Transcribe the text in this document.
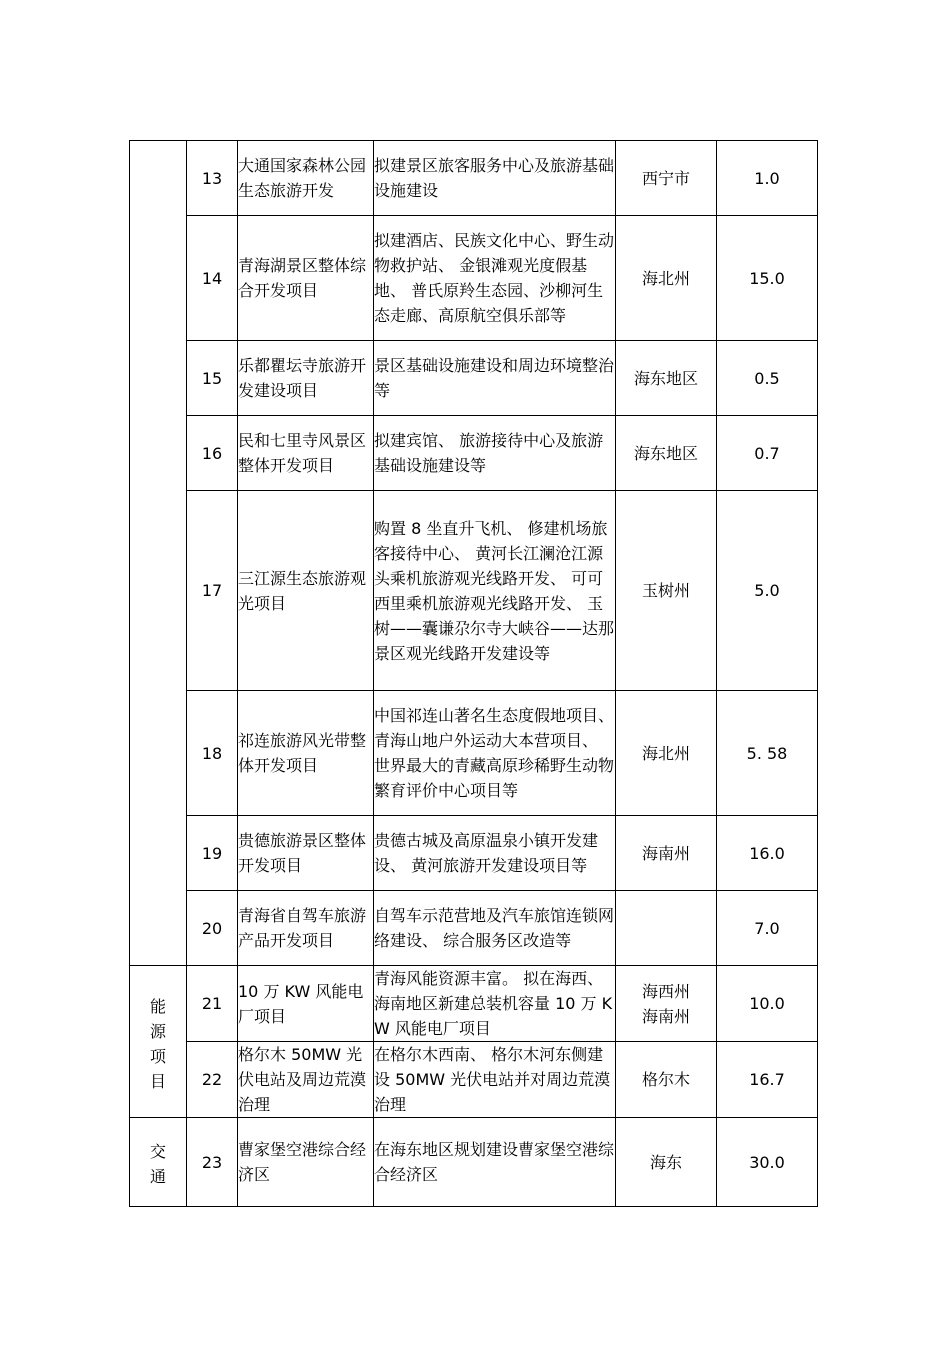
	13	大通国家森林公园生态旅游开发	拟建景区旅客服务中心及旅游基础设施建设	西宁市	1.0
	14	青海湖景区整体综合开发项目	拟建酒店、民族文化中心、野生动物救护站、 金银滩观光度假基地、 普氏原羚生态园、沙柳河生态走廊、高原航空俱乐部等	海北州	15.0
	15	乐都瞿坛寺旅游开发建设项目	景区基础设施建设和周边环境整治等	海东地区	0.5
	16	民和七里寺风景区整体开发项目	拟建宾馆、 旅游接待中心及旅游基础设施建设等	海东地区	0.7
	17	三江源生态旅游观光项目	购置 8 坐直升飞机、 修建机场旅客接待中心、 黄河长江澜沧江源头乘机旅游观光线路开发、 可可西里乘机旅游观光线路开发、 玉树——囊谦尕尔寺大峡谷——达那景区观光线路开发建设等	玉树州	5.0
	18	祁连旅游风光带整体开发项目	中国祁连山著名生态度假地项目、 青海山地户外运动大本营项目、 世界最大的青藏高原珍稀野生动物繁育评价中心项目等	海北州	5. 58
	19	贵德旅游景区整体开发项目	贵德古城及高原温泉小镇开发建设、 黄河旅游开发建设项目等	海南州	16.0
	20	青海省自驾车旅游产品开发项目	自驾车示范营地及汽车旅馆连锁网络建设、 综合服务区改造等		7.0

能源项目	21	10 万 KW 风能电厂项目	青海风能资源丰富。 拟在海西、海南地区新建总装机容量 10 万 KW 风能电厂项目	海西州 海南州	10.0
	22	格尔木 50MW 光伏电站及周边荒漠治理	在格尔木西南、 格尔木河东侧建设 50MW 光伏电站并对周边荒漠治理	格尔木	16.7

交通	23	曹家堡空港综合经济区	在海东地区规划建设曹家堡空港综合经济区	海东	30.0
